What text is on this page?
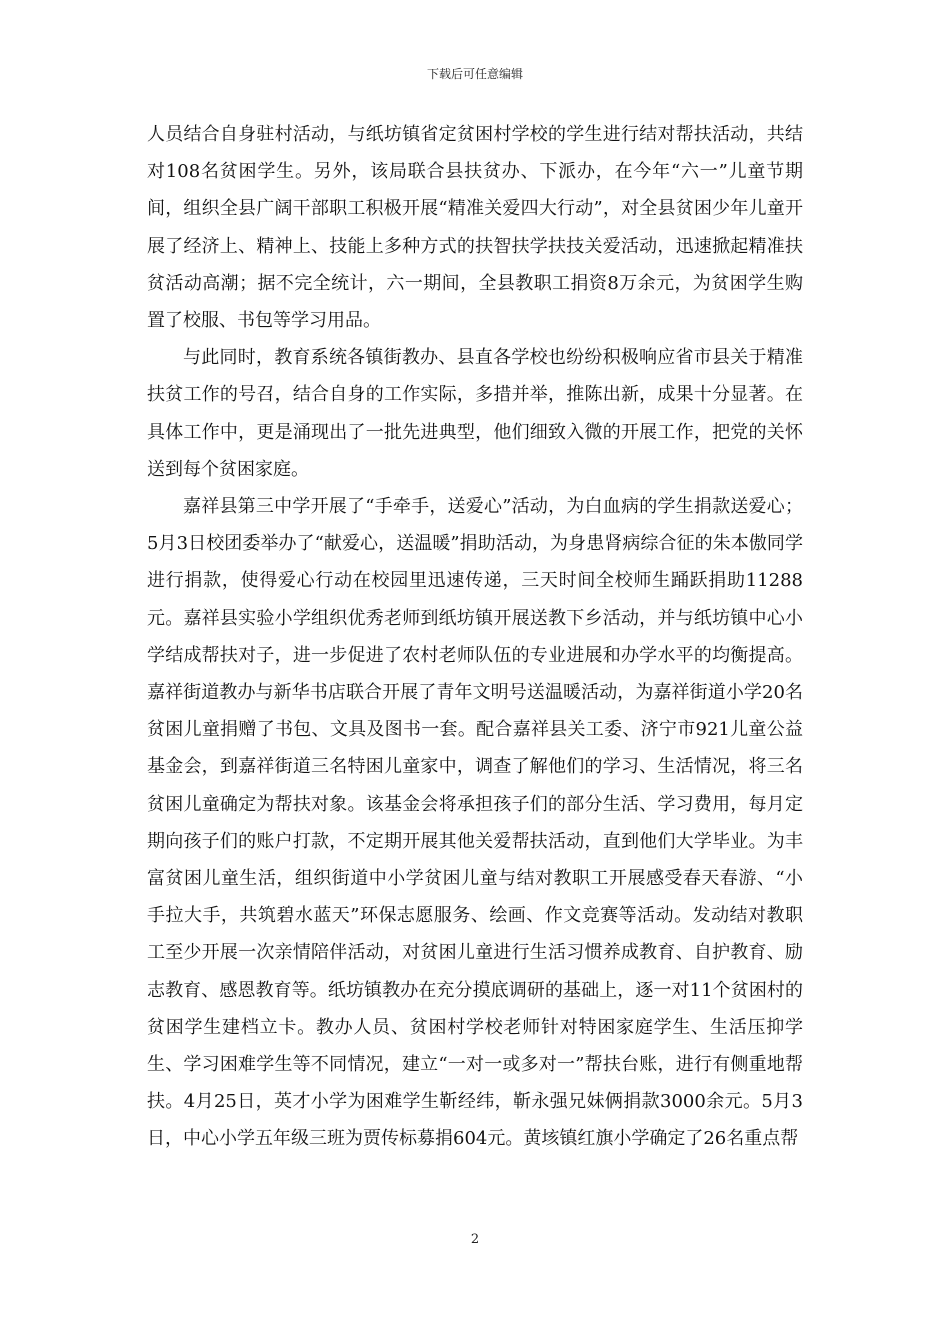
下载后可任意编辑

人员结合自身驻村活动，与纸坊镇省定贫困村学校的学生进行结对帮扶活动，共结对108名贫困学生。另外，该局联合县扶贫办、下派办，在今年“六一”儿童节期间，组织全县广阔干部职工积极开展“精准关爱四大行动”，对全县贫困少年儿童开展了经济上、精神上、技能上多种方式的扶智扶学扶技关爱活动，迅速掀起精准扶贫活动高潮；据不完全统计，六一期间，全县教职工捐资8万余元，为贫困学生购置了校服、书包等学习用品。

与此同时，教育系统各镇街教办、县直各学校也纷纷积极响应省市县关于精准扶贫工作的号召，结合自身的工作实际，多措并举，推陈出新，成果十分显著。在具体工作中，更是涌现出了一批先进典型，他们细致入微的开展工作，把党的关怀送到每个贫困家庭。

嘉祥县第三中学开展了“手牵手，送爱心”活动，为白血病的学生捐款送爱心；5月3日校团委举办了“献爱心，送温暖”捐助活动，为身患肾病综合征的朱本傲同学进行捐款，使得爱心行动在校园里迅速传递，三天时间全校师生踊跃捐助11288元。嘉祥县实验小学组织优秀老师到纸坊镇开展送教下乡活动，并与纸坊镇中心小学结成帮扶对子，进一步促进了农村老师队伍的专业进展和办学水平的均衡提高。嘉祥街道教办与新华书店联合开展了青年文明号送温暖活动，为嘉祥街道小学20名贫困儿童捐赠了书包、文具及图书一套。配合嘉祥县关工委、济宁市921儿童公益基金会，到嘉祥街道三名特困儿童家中，调查了解他们的学习、生活情况，将三名贫困儿童确定为帮扶对象。该基金会将承担孩子们的部分生活、学习费用，每月定期向孩子们的账户打款，不定期开展其他关爱帮扶活动，直到他们大学毕业。为丰富贫困儿童生活，组织街道中小学贫困儿童与结对教职工开展感受春天春游、“小手拉大手，共筑碧水蓝天”环保志愿服务、绘画、作文竞赛等活动。发动结对教职工至少开展一次亲情陪伴活动，对贫困儿童进行生活习惯养成教育、自护教育、励志教育、感恩教育等。纸坊镇教办在充分摸底调研的基础上，逐一对11个贫困村的贫困学生建档立卡。教办人员、贫困村学校老师针对特困家庭学生、生活压抑学生、学习困难学生等不同情况，建立“一对一或多对一”帮扶台账，进行有侧重地帮扶。4月25日，英才小学为困难学生靳经纬，靳永强兄妹俩捐款3000余元。5月3日，中心小学五年级三班为贾传标募捐604元。黄垓镇红旗小学确定了26名重点帮

2
